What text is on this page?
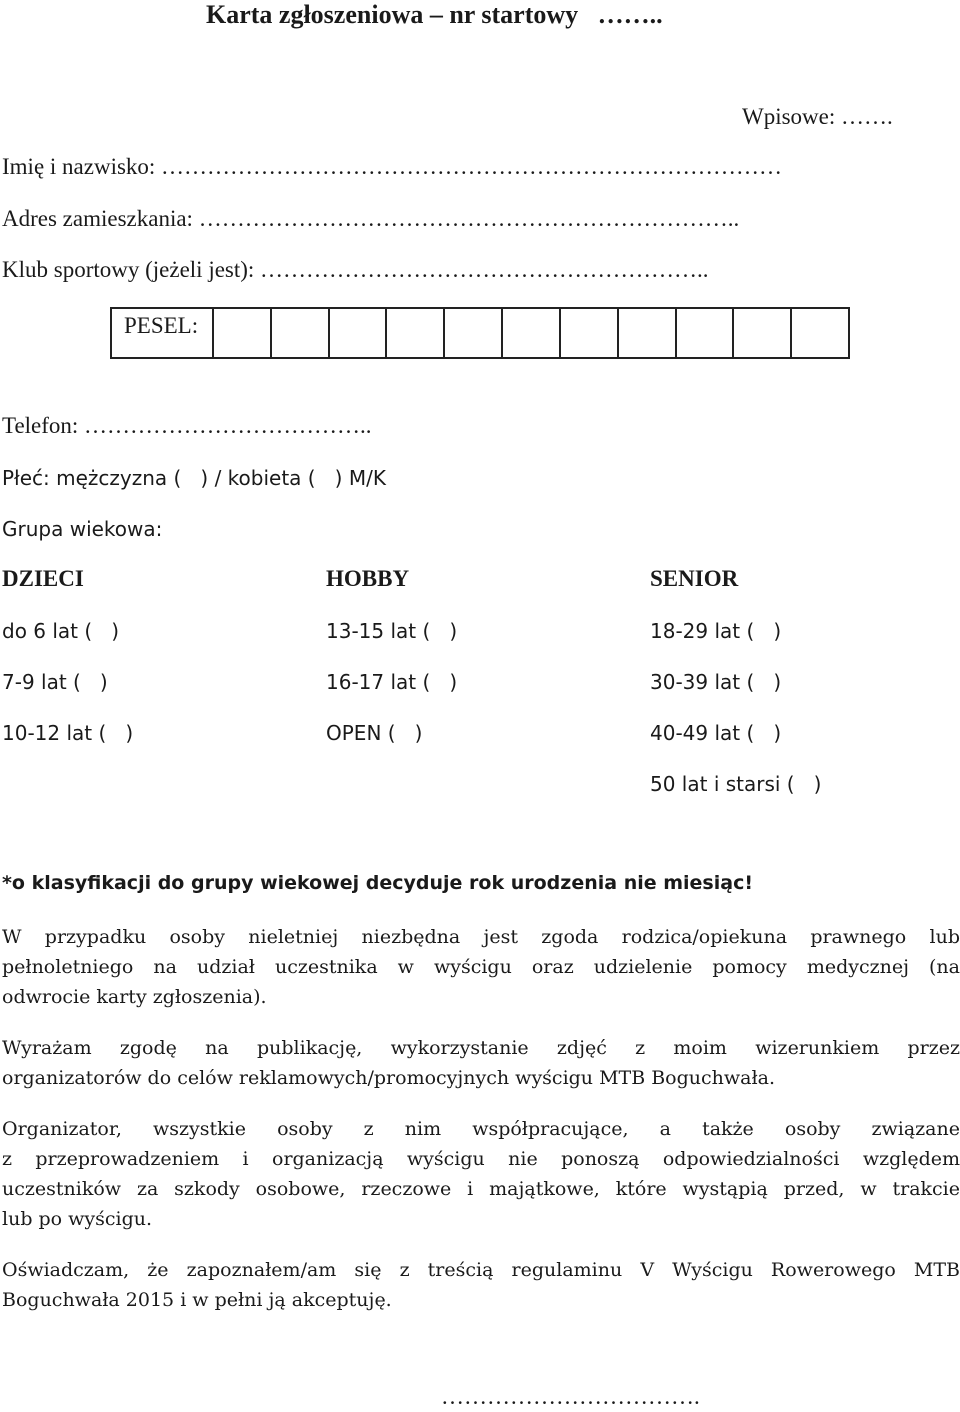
Karta zgłoszeniowa – nr startowy   ……..
Wpisowe: …….
Imię i nazwisko: ………………………………………………………………………
Adres zamieszkania: ……………………………………………………………..
Klub sportowy (jeżeli jest): …………………………………………………..
PESEL:
Telefon: ………………………………..
Płeć: mężczyzna (   ) / kobieta (   ) M/K
Grupa wiekowa:
DZIECI
do 6 lat (   )
7-9 lat (   )
10-12 lat (   )
HOBBY
13-15 lat (   )
16-17 lat (   )
OPEN (   )
SENIOR
18-29 lat (   )
30-39 lat (   )
40-49 lat (   )
50 lat i starsi (   )
*o klasyfikacji do grupy wiekowej decyduje rok urodzenia nie miesiąc!
W przypadku osoby nieletniej niezbędna jest zgoda rodzica/opiekuna prawnego lub
pełnoletniego na udział uczestnika w wyścigu oraz udzielenie pomocy medycznej (na
odwrocie karty zgłoszenia).
Wyrażam zgodę na publikację, wykorzystanie zdjęć z moim wizerunkiem przez
organizatorów do celów reklamowych/promocyjnych wyścigu MTB Boguchwała.
Organizator, wszystkie osoby z nim współpracujące, a także osoby związane
z przeprowadzeniem i organizacją wyścigu nie ponoszą odpowiedzialności względem
uczestników za szkody osobowe, rzeczowe i majątkowe, które wystąpią przed, w trakcie
lub po wyścigu.
Oświadczam, że zapoznałem/am się z treścią regulaminu V Wyścigu Rowerowego MTB
Boguchwała 2015 i w pełni ją akceptuję.
…………………………….
